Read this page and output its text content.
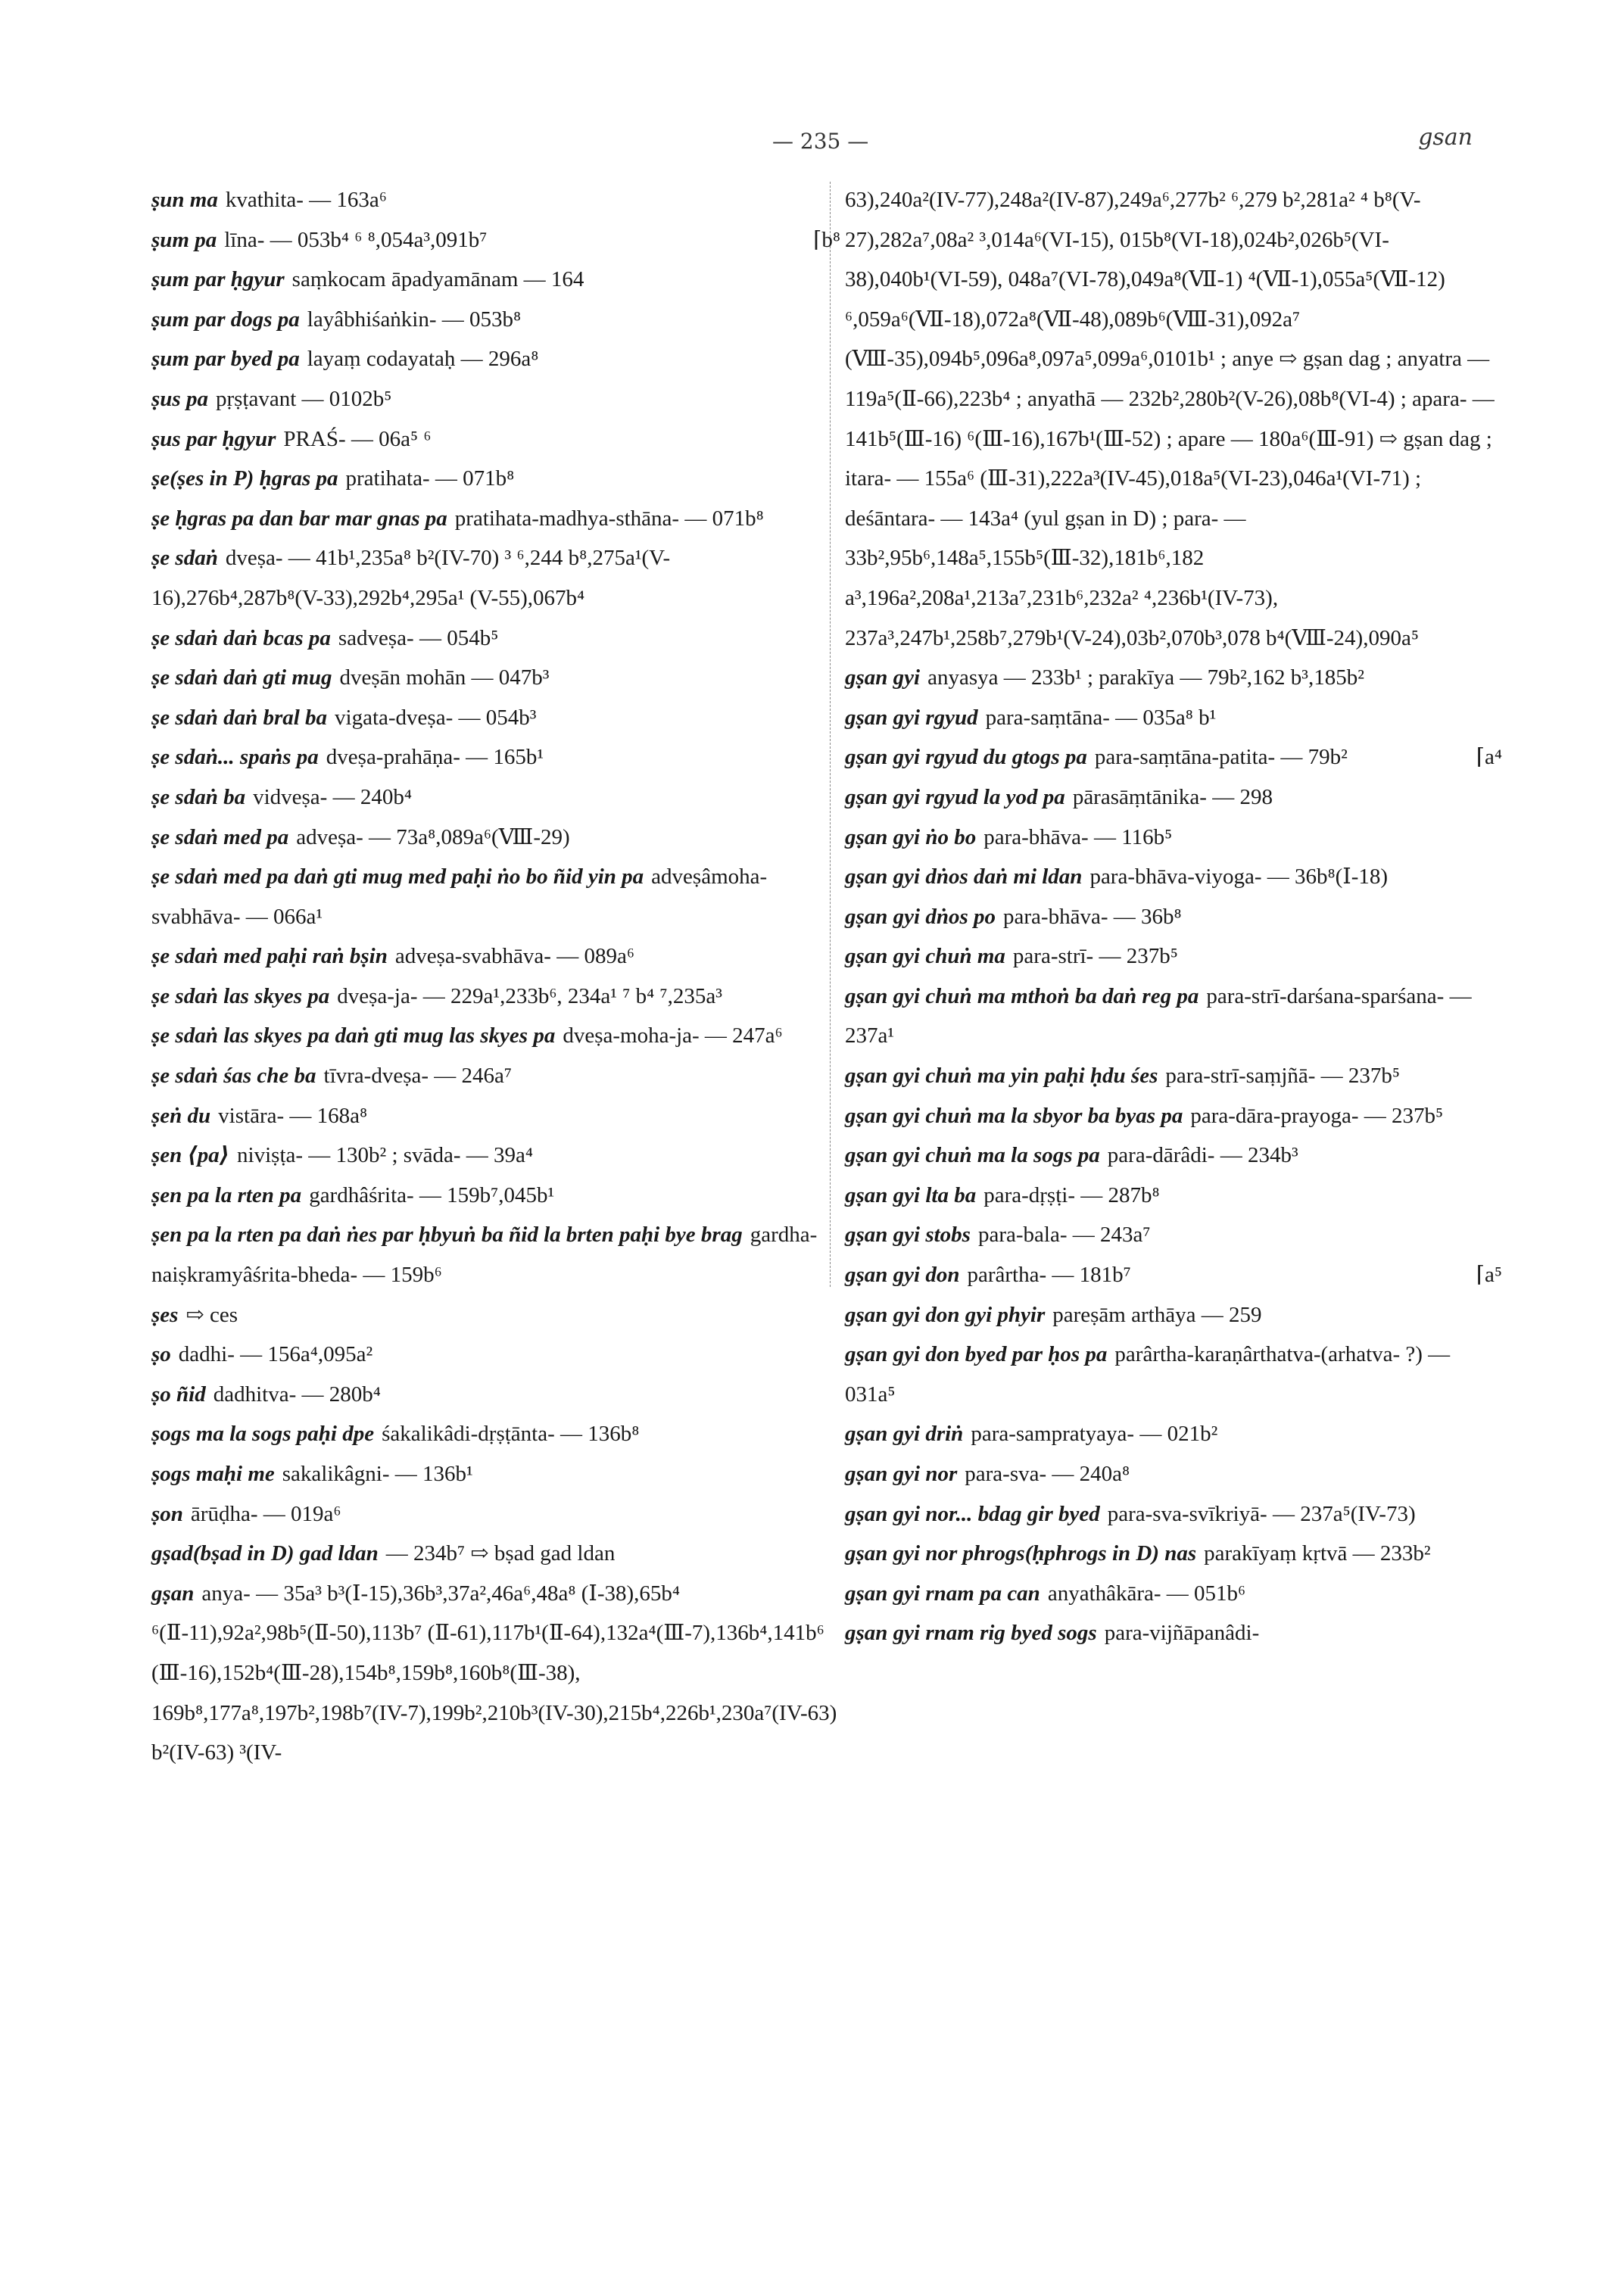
— 235 —	gsan
ṣun ma kvathita- — 163a⁶
ṣum pa līna- — 053b⁴ ⁶ ⁸,054a³,091b⁷	⌈b⁸
ṣum par ḥgyur saṃkocam āpadyamānam — 164
ṣum par dogs pa layâbhiśaṅkin- — 053b⁸
ṣum par byed pa layaṃ codayataḥ — 296a⁸
ṣus pa pṛṣṭavant — 0102b⁵
ṣus par ḥgyur PRAŚ- — 06a⁵ ⁶
ṣe(ṣes in P) ḥgras pa pratihata- — 071b⁸
ṣe ḥgras pa dan bar mar gnas pa pratihata-madhya-sthāna- — 071b⁸
ṣe sdaṅ dveṣa- — 41b¹,235a⁸ b²(IV-70) ³ ⁶,244 b⁸,275a¹(V-16),276b⁴,287b⁸(V-33),292b⁴,295a¹ (V-55),067b⁴
ṣe sdaṅ daṅ bcas pa sadveṣa- — 054b⁵
ṣe sdaṅ daṅ gti mug dveṣān mohān — 047b³
ṣe sdaṅ daṅ bral ba vigata-dveṣa- — 054b³
ṣe sdaṅ... spaṅs pa dveṣa-prahāṇa- — 165b¹
ṣe sdaṅ ba vidveṣa- — 240b⁴
ṣe sdaṅ med pa adveṣa- — 73a⁸,089a⁶(Ⅷ-29)
ṣe sdaṅ med pa daṅ gti mug med paḥi ṅo bo ñid yin pa adveṣâmoha-svabhāva- — 066a¹
ṣe sdaṅ med paḥi raṅ bṣin adveṣa-svabhāva- — 089a⁶
ṣe sdaṅ las skyes pa dveṣa-ja- — 229a¹,233b⁶, 234a¹ ⁷ b⁴ ⁷,235a³
ṣe sdaṅ las skyes pa daṅ gti mug las skyes pa dveṣa-moha-ja- — 247a⁶
ṣe sdaṅ śas che ba tīvra-dveṣa- — 246a⁷
ṣeṅ du vistāra- — 168a⁸
ṣen ⟨pa⟩ niviṣṭa- — 130b² ; svāda- — 39a⁴
ṣen pa la rten pa gardhâśrita- — 159b⁷,045b¹
ṣen pa la rten pa daṅ ṅes par ḥbyuṅ ba ñid la brten paḥi bye brag gardha-naiṣkramyâśrita-bheda- — 159b⁶
ṣes ⇨ ces
ṣo dadhi- — 156a⁴,095a²
ṣo ñid dadhitva- — 280b⁴
ṣogs ma la sogs paḥi dpe śakalikâdi-dṛṣṭānta- — 136b⁸
ṣogs maḥi me sakalikâgni- — 136b¹
ṣon ārūḍha- — 019a⁶
gṣad(bṣad in D) gad ldan — 234b⁷ ⇨ bṣad gad ldan
gṣan anya- — 35a³ b³(Ⅰ-15),36b³,37a²,46a⁶,48a⁸ (Ⅰ-38),65b⁴ ⁶(Ⅱ-11),92a²,98b⁵(Ⅱ-50),113b⁷ (Ⅱ-61),117b¹(Ⅱ-64),132a⁴(Ⅲ-7),136b⁴,141b⁶ (Ⅲ-16),152b⁴(Ⅲ-28),154b⁸,159b⁸,160b⁸(Ⅲ-38), 169b⁸,177a⁸,197b²,198b⁷(IV-7),199b²,210b³(IV-30),215b⁴,226b¹,230a⁷(IV-63) b²(IV-63) ³(IV-
63),240a²(IV-77),248a²(IV-87),249a⁶,277b² ⁶,279 b²,281a² ⁴ b⁸(V-27),282a⁷,08a² ³,014a⁶(VI-15), 015b⁸(VI-18),024b²,026b⁵(VI-38),040b¹(VI-59), 048a⁷(VI-78),049a⁸(Ⅶ-1) ⁴(Ⅶ-1),055a⁵(Ⅶ-12) ⁶,059a⁶(Ⅶ-18),072a⁸(Ⅶ-48),089b⁶(Ⅷ-31),092a⁷ (Ⅷ-35),094b⁵,096a⁸,097a⁵,099a⁶,0101b¹ ; anye ⇨ gṣan dag ; anyatra — 119a⁵(Ⅱ-66),223b⁴ ; anyathā — 232b²,280b²(V-26),08b⁸(VI-4) ; apara- — 141b⁵(Ⅲ-16) ⁶(Ⅲ-16),167b¹(Ⅲ-52) ; apare — 180a⁶(Ⅲ-91) ⇨ gṣan dag ; itara- — 155a⁶ (Ⅲ-31),222a³(IV-45),018a⁵(VI-23),046a¹(VI-71) ; deśāntara- — 143a⁴ (yul gṣan in D) ; para- — 33b²,95b⁶,148a⁵,155b⁵(Ⅲ-32),181b⁶,182 a³,196a²,208a¹,213a⁷,231b⁶,232a² ⁴,236b¹(IV-73), 237a³,247b¹,258b⁷,279b¹(V-24),03b²,070b³,078 b⁴(Ⅷ-24),090a⁵
gṣan gyi anyasya — 233b¹ ; parakīya — 79b²,162 b³,185b²
gṣan gyi rgyud para-saṃtāna- — 035a⁸ b¹
gṣan gyi rgyud du gtogs pa para-saṃtāna-patita- — 79b²	⌈a⁴
gṣan gyi rgyud la yod pa pārasāṃtānika- — 298
gṣan gyi ṅo bo para-bhāva- — 116b⁵
gṣan gyi dṅos daṅ mi ldan para-bhāva-viyoga- — 36b⁸(Ⅰ-18)
gṣan gyi dṅos po para-bhāva- — 36b⁸
gṣan gyi chuṅ ma para-strī- — 237b⁵
gṣan gyi chuṅ ma mthoṅ ba daṅ reg pa para-strī-darśana-sparśana- — 237a¹
gṣan gyi chuṅ ma yin paḥi ḥdu śes para-strī-saṃjñā- — 237b⁵
gṣan gyi chuṅ ma la sbyor ba byas pa para-dāra-prayoga- — 237b⁵
gṣan gyi chuṅ ma la sogs pa para-dārâdi- — 234b³
gṣan gyi lta ba para-dṛṣṭi- — 287b⁸
gṣan gyi stobs para-bala- — 243a⁷
gṣan gyi don parârtha- — 181b⁷	⌈a⁵
gṣan gyi don gyi phyir pareṣām arthāya — 259
gṣan gyi don byed par ḥos pa parârtha-karaṇârthatva-(arhatva- ?) — 031a⁵
gṣan gyi driṅ para-sampratyaya- — 021b²
gṣan gyi nor para-sva- — 240a⁸
gṣan gyi nor... bdag gir byed para-sva-svīkriyā- — 237a⁵(IV-73)
gṣan gyi nor phrogs(ḥphrogs in D) nas parakīyaṃ kṛtvā — 233b²
gṣan gyi rnam pa can anyathâkāra- — 051b⁶
gṣan gyi rnam rig byed sogs para-vijñāpanâdi-
